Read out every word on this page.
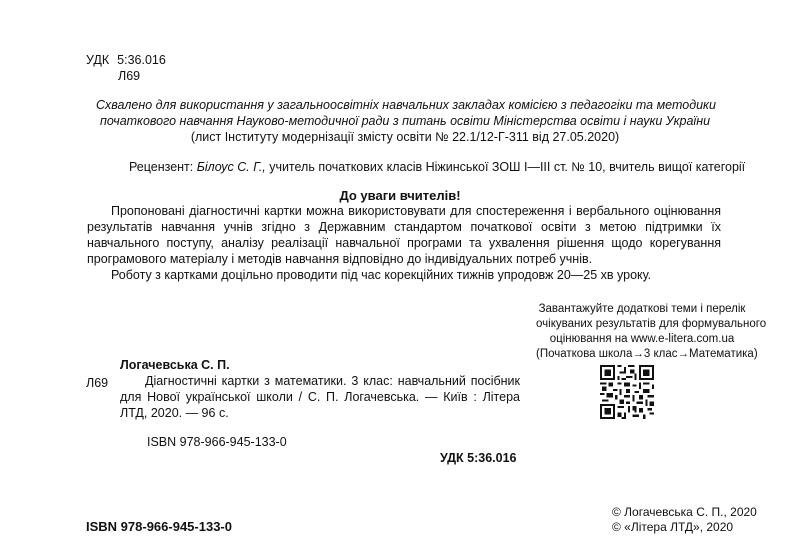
УДК 5:36.016
Л69
Схвалено для використання у загальноосвітніх навчальних закладах комісією з педагогіки та методики
початкового навчання Науково-методичної ради з питань освіти Міністерства освіти і науки України
(лист Інституту модернізації змісту освіти № 22.1/12-Г-311 від 27.05.2020)
Рецензент: Білоус С. Г., учитель початкових класів Ніжинської ЗОШ І—ІІІ ст. № 10, вчитель вищої категорії
До уваги вчителів!

Пропоновані діагностичні картки можна використовувати для спостереження і вербального оцінювання результатів навчання учнів згідно з Державним стандартом початкової освіти з метою підтримки їх навчального поступу, аналізу реалізації навчальної програми та ухвалення рішення щодо корегування програмового матеріалу і методів навчання відповідно до індивідуальних потреб учнів.

Роботу з картками доцільно проводити під час корекційних тижнів упродовж 20—25 хв уроку.

Завантажуйте додаткові теми і перелік
очікуваних результатів для формувального
оцінювання на www.e-litera.com.ua
(Початкова школа→3 клас→Математика)
Л69
Логачевська С. П.
Діагностичні картки з математики. 3 клас: навчальний посібник для Нової української школи / С. П. Логачевська. — Київ : Літера ЛТД, 2020. — 96 с.
ISBN 978-966-945-133-0
УДК 5:36.016
ISBN 978-966-945-133-0
© Логачевська С. П., 2020
© «Літера ЛТД», 2020
